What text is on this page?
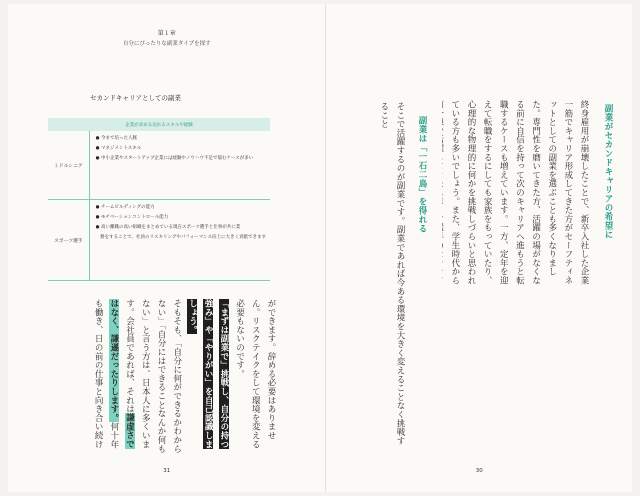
第１章
自分にぴったりな副業タイプを探す
セカンドキャリアとしての副業
企業が求める売れるスキルや経験	
ミドルシニア	● 今まで培った人脈
● マネジメントスキル
● 中小企業やスタートアップ企業には経験やノウハウ不足で悩むケースが多い

スポーツ選手	● チームビルディングの能力
● モチベーションコントロール能力
● 高い離職の高い組織をまとめている現在スポーツ選手と仕事が共に業
　務をすることで、社員のリスキリングやパフォーマンス向上に大きく貢献できます
ができます。辞める必要はありません。リスクテイクをして環境を変える必要もないのです。
「まずは副業で」挑戦し、自分の持つ強み」や「やりがい」を自己認識しましょう。
そもそも、「自分に何ができるかわからない」「自分にはできることなんか何もない」と言う方は、日本人に多くいます。会社員であれば、それは謙虚さではなく、謙遜だったりします。何十年も働き、日の前の仕事と向き合い続け
31
副業がセカンドキャリアの希望に
終身雇用が崩壊したことで、新卒入社した企業一筋でキャリア形成してきた方がセーフティネットとしての副業を選ぶことも多くなりました。専門性を磨いてきた方、活躍の場がなくなる前に自信を持って次のキャリアへ進もうと転職するケースも増えています。一方、定年を迎えて転職をするにしても家族をもっていたり、心理的な物理的に何かを挑戦しづらいと思われている方も多いでしょう。また、学生時代から
副業は「一石二鳥」を得れる
そこで活躍するのが副業です。副業であれば今ある環境を大きく変えることなく挑戦すること
30
